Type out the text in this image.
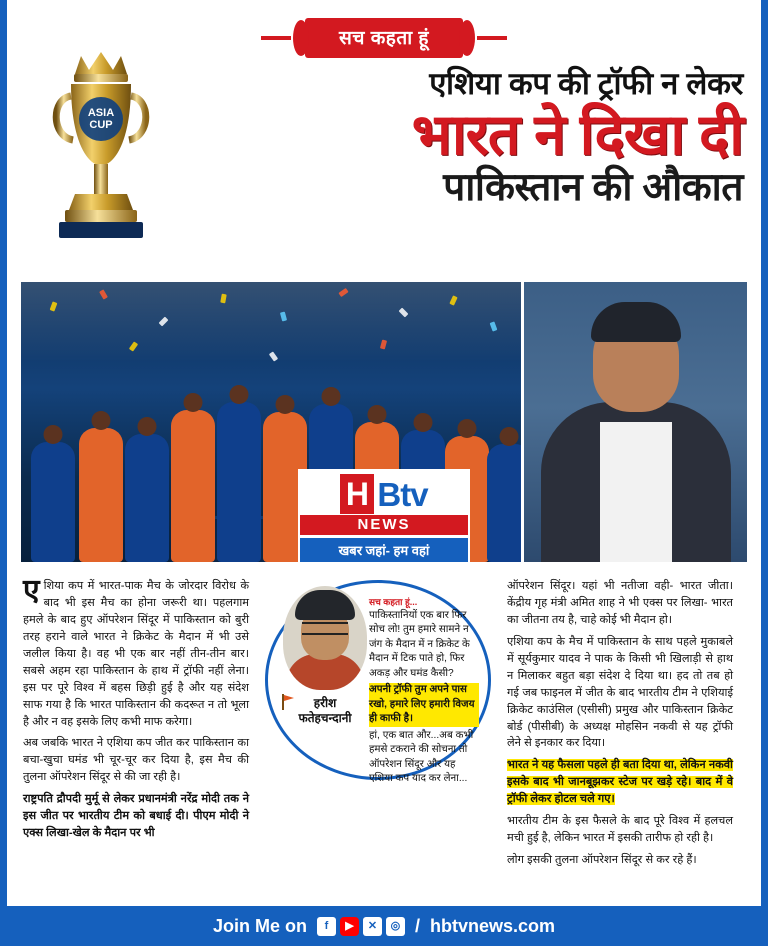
सच कहता हूं
ASIA
CUP
एशिया कप की ट्रॉफी न लेकर
भारत ने दिखा दी
पाकिस्तान की औकात
H Btv
NEWS
खबर जहां- हम वहां

एशिया कप में भारत-पाक मैच के जोरदार विरोध के बाद भी इस मैच का होना जरूरी था। पहलगाम हमले के बाद हुए ऑपरेशन सिंदूर में पाकिस्तान को बुरी तरह हराने वाले भारत ने क्रिकेट के मैदान में भी उसे जलील किया है। वह भी एक बार नहीं तीन-तीन बार। सबसे अहम रहा पाकिस्तान के हाथ में ट्रॉफी नहीं लेना। इस पर पूरे विश्व में बहस छिड़ी हुई है और यह संदेश साफ गया है कि भारत पाकिस्तान की कदरूत न तो भूला है और न वह इसके लिए कभी माफ करेगा।

अब जबकि भारत ने एशिया कप जीत कर पाकिस्तान का बचा-खुचा घमंड भी चूर-चूर कर दिया है, इस मैच की तुलना ऑपरेशन सिंदूर से की जा रही है।

राष्ट्रपति द्रौपदी मुर्मू से लेकर प्रधानमंत्री नरेंद्र मोदी तक ने इस जीत पर भारतीय टीम को बधाई दी। पीएम मोदी ने एक्स लिखा-खेल के मैदान पर भी

हरीश
फतेहचन्दानी
सच कहता हूं...
पाकिस्तानियों एक बार फिर सोच लो! तुम हमारे सामने न जंग के मैदान में न क्रिकेट के मैदान में टिक पाते हो, फिर अकड़ और घमंड कैसी? अपनी ट्रॉफी तुम अपने पास रखो, हमारे लिए हमारी विजय ही काफी है। हां, एक बात और...अब कभी हमसे टकराने की सोचना तो ऑपरेशन सिंदूर और यह एशिया कप याद कर लेना...

ऑपरेशन सिंदूर। यहां भी नतीजा वही- भारत जीता। केंद्रीय गृह मंत्री अमित शाह ने भी एक्स पर लिखा- भारत का जीतना तय है, चाहे कोई भी मैदान हो।

एशिया कप के मैच में पाकिस्तान के साथ पहले मुकाबले में सूर्यकुमार यादव ने पाक के किसी भी खिलाड़ी से हाथ न मिलाकर बहुत बड़ा संदेश दे दिया था। हद तो तब हो गई जब फाइनल में जीत के बाद भारतीय टीम ने एशियाई क्रिकेट काउंसिल (एसीसी) प्रमुख और पाकिस्तान क्रिकेट बोर्ड (पीसीबी) के अध्यक्ष मोहसिन नकवी से यह ट्रॉफी लेने से इनकार कर दिया।

भारत ने यह फैसला पहले ही बता दिया था, लेकिन नकवी इसके बाद भी जानबूझकर स्टेज पर खड़े रहे। बाद में वे ट्रॉफी लेकर होटल चले गए।

भारतीय टीम के इस फैसले के बाद पूरे विश्व में हलचल मची हुई है, लेकिन भारत में इसकी तारीफ हो रही है।

लोग इसकी तुलना ऑपरेशन सिंदूर से कर रहे हैं।

Join Me on	f	▶	✕	◎ / hbtvnews.com
